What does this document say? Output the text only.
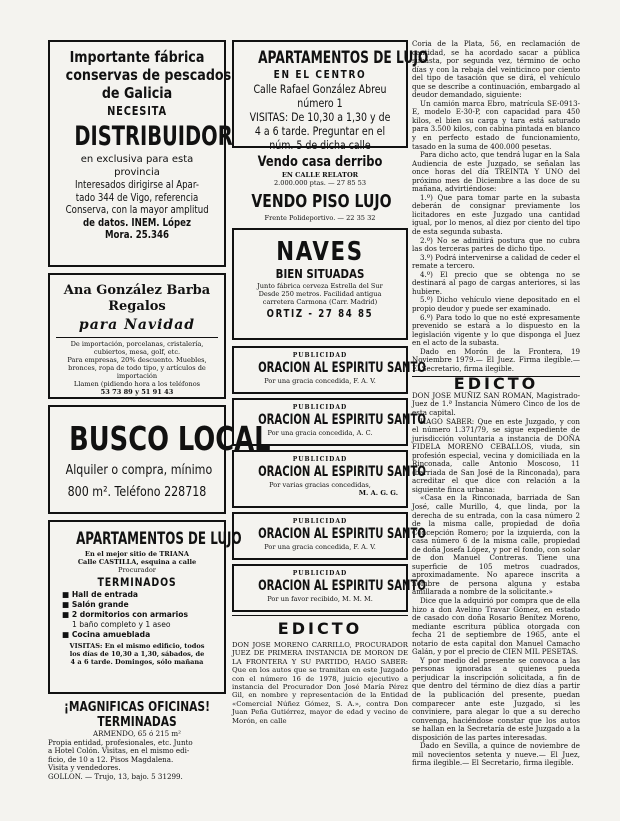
Importante fábrica
conservas de pescados
de Galicia
NECESITA
DISTRIBUIDOR
en exclusiva para esta
provincia
Interesados dirigirse al Apar-
tado 344 de Vigo, referencia
Conserva, con la mayor amplitud
de datos. INEM. López
Mora. 25.346
Ana González Barba
Regalos
para Navidad
De importación, porcelanas, cristalería,
cubiertos, mesa, golf, etc.
Para empresas, 20% descuento. Muebles,
bronces, ropa de todo tipo, y artículos de
importación
Llamen (pidiendo hora a los teléfonos
53 73 89 y 51 91 43
BUSCO LOCAL
Alquiler o compra, mínimo
800 m². Teléfono 228718
APARTAMENTOS DE LUJO
En el mejor sitio de TRIANA
Calle CASTILLA, esquina a calle
Procurador
TERMINADOS
■ Hall de entrada
■ Salón grande
■ 2 dormitorios con armarios
1 baño completo y 1 aseo
■ Cocina amueblada
VISITAS: En el mismo edificio, todos
los días de 10,30 a 1,30, sábados, de
4 a 6 tarde. Domingos, sólo mañana
¡MAGNIFICAS OFICINAS!
TERMINADAS
ARMENDO, 65 ó 215 m²
Propia entidad, profesionales, etc. Junto
a Hotel Colón. Visitas, en el mismo edi-
ficio, de 10 a 12. Pisos Magdalena.
Visita y vendedores.
GOLLON. — Trujo, 13, bajo. 5 31299.
APARTAMENTOS DE LUJO
EN EL CENTRO
Calle Rafael González Abreu
número 1
VISITAS: De 10,30 a 1,30 y de
4 a 6 tarde. Preguntar en el
núm. 5 de dicha calle
Vendo casa derribo
EN CALLE RELATOR
2.000.000 ptas. — 27 85 53
VENDO PISO LUJO
Frente Polideportivo. — 22 35 32
NAVES
BIEN SITUADAS
Junto fábrica cerveza Estrella del Sur
Desde 250 metros. Facilidad antigua
carretera Carmona (Carr. Madrid)
ORTIZ - 27 84 85
PUBLICIDAD
ORACION AL ESPIRITU SANTO
Por una gracia concedida, F. A. V.
PUBLICIDAD
ORACION AL ESPIRITU SANTO
Por una gracia concedida, A. C.
PUBLICIDAD
ORACION AL ESPIRITU SANTO
Por varias gracias concedidas,
M. A. G. G.
PUBLICIDAD
ORACION AL ESPIRITU SANTO
Por una gracia concedida, F. A. V.
PUBLICIDAD
ORACION AL ESPIRITU SANTO
Por un favor recibido, M. M. M.
EDICTO
DON JOSE MORENO CARRILLO, PROCURADOR JUEZ DE PRIMERA INSTANCIA DE MORON DE LA FRONTERA Y SU PARTIDO, HAGO SABER: Que en los autos que se tramitan en este Juzgado con el número 16 de 1978, juicio ejecutivo a instancia del Procurador Don José María Pérez Gil, en nombre y representación de la Entidad «Comercial Núñez Gómez, S. A.», contra Don Juan Peña Gutiérrez, mayor de edad y vecino de Morón, en calle

Coria de la Plata, 56, en reclamación de cantidad, se ha acordado sacar a pública subasta, por segunda vez, término de ocho días y con la rebaja del veinticinco por ciento del tipo de tasación que se dirá, el vehículo que se describe a continuación, embargado al deudor demandado, siguiente:

Un camión marca Ebro, matrícula SE-0913-E, modelo E-30-P, con capacidad para 450 kilos, el bien su carga y tara está saturado para 3.500 kilos, con cabina pintada en blanco y en perfecto estado de funcionamiento, tasado en la suma de 400.000 pesetas.

Para dicho acto, que tendrá lugar en la Sala Audiencia de este Juzgado, se señalan las once horas del día TREINTA Y UNO del próximo mes de Diciembre a las doce de su mañana, advirtiéndose:

1.º) Que para tomar parte en la subasta deberán de consignar previamente los licitadores en este Juzgado una cantidad igual, por lo menos, al diez por ciento del tipo de esta segunda subasta.

2.º) No se admitirá postura que no cubra las dos terceras partes de dicho tipo.

3.º) Podrá intervenirse a calidad de ceder el remate a tercero.

4.º) El precio que se obtenga no se destinará al pago de cargas anteriores, si las hubiere.

5.º) Dicho vehículo viene depositado en el propio deudor y puede ser examinado.

6.º) Para todo lo que no esté expresamente prevenido se estará a lo dispuesto en la legislación vigente y lo que disponga el Juez en el acto de la subasta.

Dado en Morón de la Frontera, 19 Noviembre 1979.— El Juez. Firma ilegible.— El Secretario, firma ilegible.

EDICTO

DON JOSE MUÑIZ SAN ROMAN, Magistrado-Juez de 1.ª Instancia Número Cinco de los de esta capital.

HAGO SABER: Que en este Juzgado, y con el número 1.371/79, se sigue expediente de jurisdicción voluntaria a instancia de DOÑA FIDELA MORENO CEBALLOS, viuda, sin profesión especial, vecina y domiciliada en la Rinconada, calle Antonio Moscoso, 11 (barriada de San José de la Rinconada), para acreditar el que dice con relación a la siguiente finca urbana:

«Casa en la Rinconada, barriada de San José, calle Murillo, 4, que linda, por la derecha de su entrada, con la casa número 2 de la misma calle, propiedad de doña Concepción Romero; por la izquierda, con la casa número 6 de la misma calle, propiedad de doña Josefa López, y por el fondo, con solar de don Manuel Contreras. Tiene una superficie de 105 metros cuadrados, aproximadamente. No aparece inscrita a nombre de persona alguna y estaba amillarada a nombre de la solicitante.»

Dice que la adquirió por compra que de ella hizo a don Avelino Travar Gómez, en estado de casado con doña Rosario Benítez Moreno, mediante escritura pública otorgada con fecha 21 de septiembre de 1965, ante el notario de esta capital don Manuel Camacho Galán, y por el precio de CIEN MIL PESETAS.

Y por medio del presente se convoca a las personas ignoradas a quienes pueda perjudicar la inscripción solicitada, a fin de que dentro del término de diez días a partir de la publicación del presente, puedan comparecer ante este Juzgado, si les conviniere, para alegar lo que a su derecho convenga, haciéndose constar que los autos se hallan en la Secretaría de este Juzgado a la disposición de las partes interesadas.

Dado en Sevilla, a quince de noviembre de mil novecientos setenta y nueve.— El Juez, firma ilegible.— El Secretario, firma ilegible.
